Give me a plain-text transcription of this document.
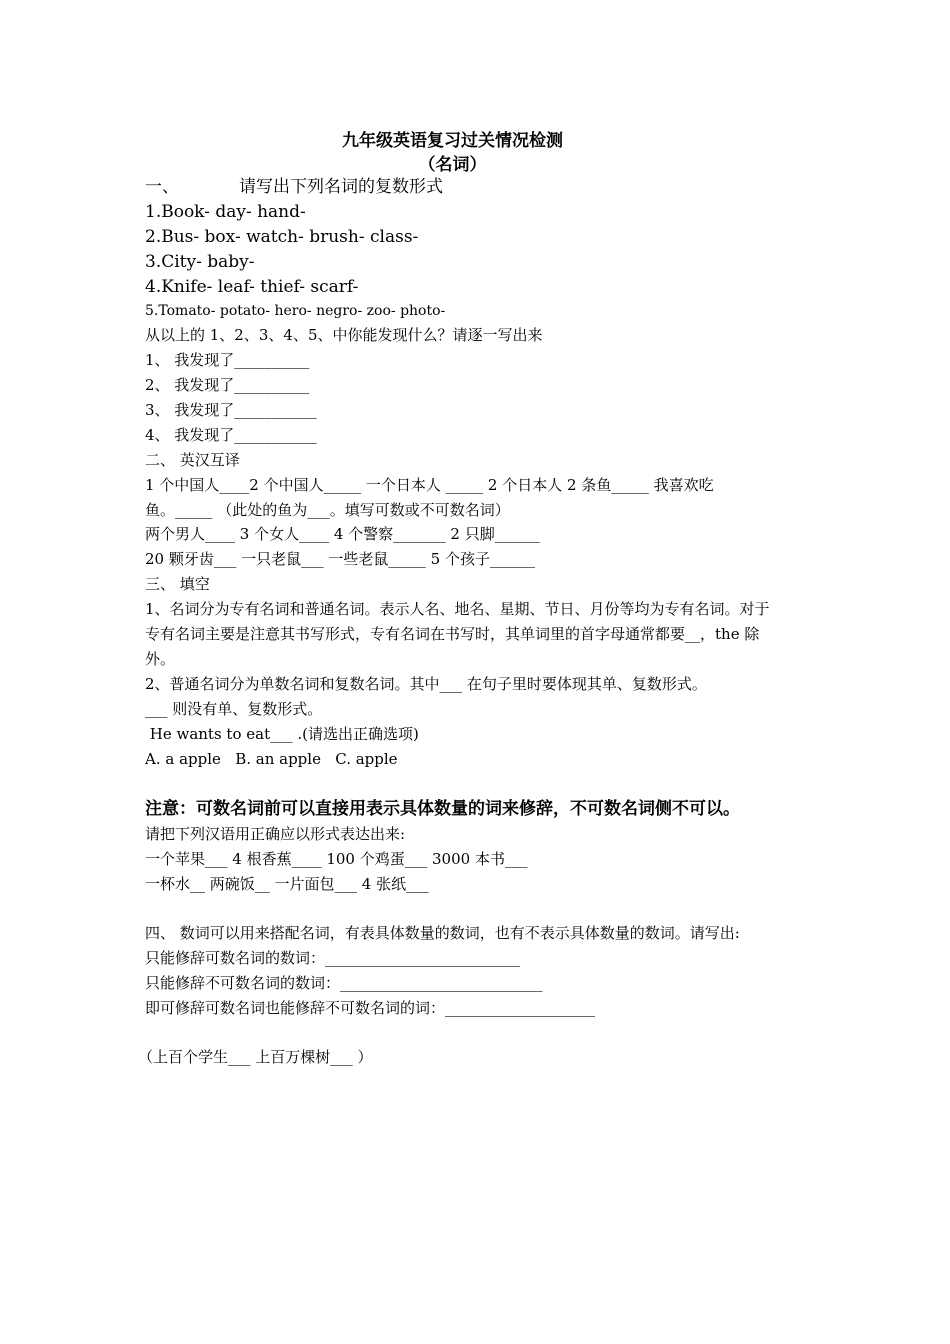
九年级英语复习过关情况检测
（名词）
一、	请写出下列名词的复数形式
1.Book- day- hand-
2.Bus- box- watch- brush- class-
3.City- baby-
4.Knife- leaf- thief- scarf-
5.Tomato- potato- hero- negro- zoo- photo-
从以上的 1、2、3、4、5、中你能发现什么？请逐一写出来
1、 我发现了__________
2、 我发现了__________
3、 我发现了___________
4、 我发现了___________
二、 英汉互译
1 个中国人____2 个中国人_____ 一个日本人 _____ 2 个日本人 2 条鱼_____ 我喜欢吃
鱼。_____ （此处的鱼为___。填写可数或不可数名词）
两个男人____ 3 个女人____ 4 个警察_______ 2 只脚______
20 颗牙齿___ 一只老鼠___ 一些老鼠_____ 5 个孩子______
三、 填空
1、名词分为专有名词和普通名词。表示人名、地名、星期、节日、月份等均为专有名词。对于
专有名词主要是注意其书写形式，专有名词在书写时，其单词里的首字母通常都要__，the 除
外。
2、普通名词分为单数名词和复数名词。其中___ 在句子里时要体现其单、复数形式。
___ 则没有单、复数形式。
He wants to eat___ .(请选出正确选项)
A. a apple   B. an apple   C. apple
注意：可数名词前可以直接用表示具体数量的词来修辞，不可数名词侧不可以。
请把下列汉语用正确应以形式表达出来:
一个苹果___ 4 根香蕉____ 100 个鸡蛋___ 3000 本书___
一杯水__ 两碗饭__ 一片面包___ 4 张纸___
四、 数词可以用来搭配名词，有表具体数量的数词，也有不表示具体数量的数词。请写出:
只能修辞可数名词的数词：__________________________
只能修辞不可数名词的数词：___________________________
即可修辞可数名词也能修辞不可数名词的词：____________________
（上百个学生___ 上百万棵树___ ）
